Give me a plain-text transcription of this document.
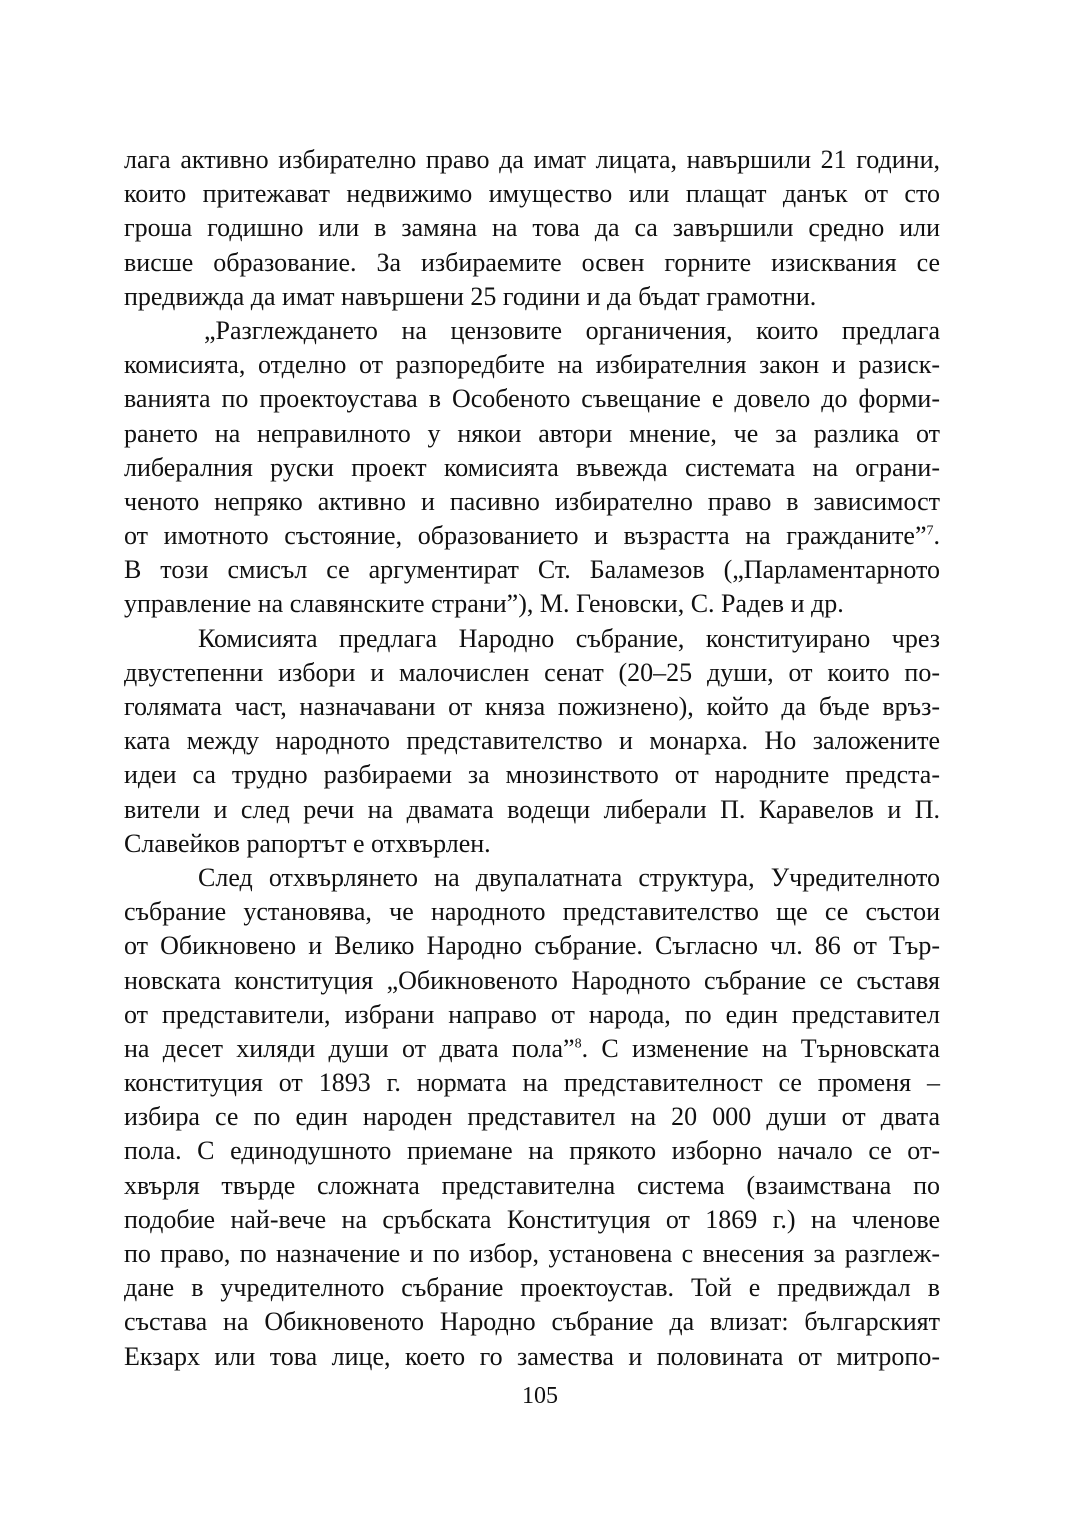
лага активно избирателно право да имат лицата, навършили 21 години,
които притежават недвижимо имущество или плащат данък от сто
гроша годишно или в замяна на това да са завършили средно или
висше образование. За избираемите освен горните изисквания се
предвижда да имат навършени 25 години и да бъдат грамотни.
„Разглеждането на цензовите органичения, които предлага
комисията, отделно от разпоредбите на избирателния закон и разиск-
ванията по проектоустава в Особеното съвещание е довело до форми-
рането на неправилното у някои автори мнение, че за разлика от
либералния руски проект комисията въвежда системата на ограни-
ченото непряко активно и пасивно избирателно право в зависимост
от имотното състояние, образованието и възрастта на гражданите”$^7$.
В този смисъл се аргументират Ст. Баламезов („Парламентарното
управление на славянските страни”), М. Геновски, С. Радев и др.
Комисията предлага Народно събрание, конституирано чрез
двустепенни избори и малочислен сенат (20–25 души, от които по-
голямата част, назначавани от княза пожизнено), който да бъде връз-
ката между народното представителство и монарха. Но заложените
идеи са трудно разбираеми за мнозинството от народните предста-
вители и след речи на двамата водещи либерали П. Каравелов и П.
Славейков рапортът е отхвърлен.
След отхвърлянето на двупалатната структура, Учредителното
събрание установява, че народното представителство ще се състои
от Обикновено и Велико Народно събрание. Съгласно чл. 86 от Тър-
новската конституция „Обикновеното Народното събрание се съставя
от представители, избрани направо от народа, по един представител
на десет хиляди души от двата пола”$^8$. С изменение на Търновската
конституция от 1893 г. нормата на представителност се променя –
избира се по един народен представител на 20 000 души от двата
пола. С единодушното приемане на прякото изборно начало се от-
хвърля твърде сложната представителна система (взаимствана по
подобие най-вече на сръбската Конституция от 1869 г.) на членове
по право, по назначение и по избор, установена с внесения за разглеж-
дане в учредителното събрание проектоустав. Той е предвиждал в
състава на Обикновеното Народно събрание да влизат: българският
Екзарх или това лице, което го замества и половината от митропо-
105
